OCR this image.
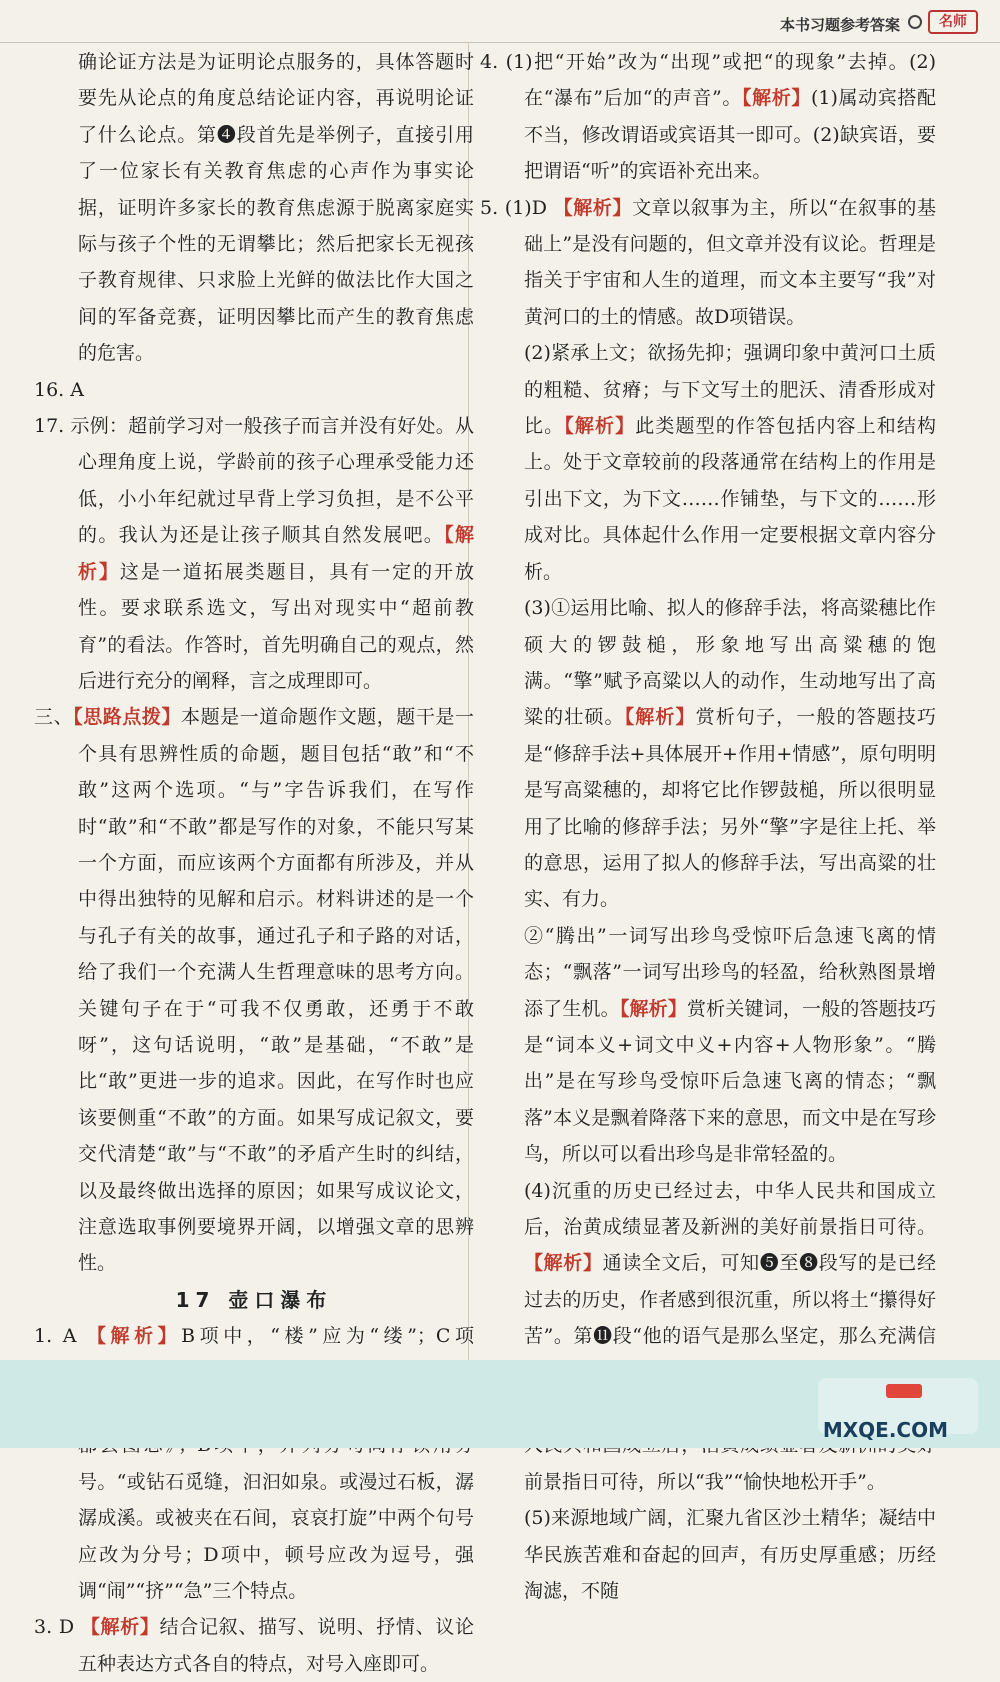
本书习题参考答案	名师
确论证方法是为证明论点服务的，具体答题时要先从论点的角度总结论证内容，再说明论证了什么论点。第❹段首先是举例子，直接引用了一位家长有关教育焦虑的心声作为事实论据，证明许多家长的教育焦虑源于脱离家庭实际与孩子个性的无谓攀比；然后把家长无视孩子教育规律、只求脸上光鲜的做法比作大国之间的军备竞赛，证明因攀比而产生的教育焦虑的危害。
16. A
17. 示例：超前学习对一般孩子而言并没有好处。从心理角度上说，学龄前的孩子心理承受能力还低，小小年纪就过早背上学习负担，是不公平的。我认为还是让孩子顺其自然发展吧。【解析】这是一道拓展类题目，具有一定的开放性。要求联系选文，写出对现实中“超前教育”的看法。作答时，首先明确自己的观点，然后进行充分的阐释，言之成理即可。
三、【思路点拨】本题是一道命题作文题，题干是一个具有思辨性质的命题，题目包括“敢”和“不敢”这两个选项。“与”字告诉我们，在写作时“敢”和“不敢”都是写作的对象，不能只写某一个方面，而应该两个方面都有所涉及，并从中得出独特的见解和启示。材料讲述的是一个与孔子有关的故事，通过孔子和子路的对话，给了我们一个充满人生哲理意味的思考方向。关键句子在于“可我不仅勇敢，还勇于不敢呀”，这句话说明，“敢”是基础，“不敢”是比“敢”更进一步的追求。因此，在写作时也应该要侧重“不敢”的方面。如果写成记叙文，要交代清楚“敢”与“不敢”的矛盾产生时的纠结，以及最终做出选择的原因；如果写成议论文，注意选取事例要境界开阔，以增强文章的思辨性。
17 壶口瀑布
1. A 【解析】B项中，“楼”应为“缕”；C项
号。“或钻石觅缝，汩汩如泉。或漫过石板，潺潺成溪。或被夹在石间，哀哀打旋”中两个句号应改为分号；D项中，顿号应改为逗号，强调“闹”“挤”“急”三个特点。
3. D 【解析】结合记叙、描写、说明、抒情、议论五种表达方式各自的特点，对号入座即可。
4. (1)把“开始”改为“出现”或把“的现象”去掉。(2)在“瀑布”后加“的声音”。【解析】(1)属动宾搭配不当，修改谓语或宾语其一即可。(2)缺宾语，要把谓语“听”的宾语补充出来。
5. (1)D 【解析】文章以叙事为主，所以“在叙事的基础上”是没有问题的，但文章并没有议论。哲理是指关于宇宙和人生的道理，而文本主要写“我”对黄河口的土的情感。故D项错误。
(2)紧承上文；欲扬先抑；强调印象中黄河口土质的粗糙、贫瘠；与下文写土的肥沃、清香形成对比。【解析】此类题型的作答包括内容上和结构上。处于文章较前的段落通常在结构上的作用是引出下文，为下文……作铺垫，与下文的……形成对比。具体起什么作用一定要根据文章内容分析。
(3)①运用比喻、拟人的修辞手法，将高粱穗比作硕大的锣鼓槌，形象地写出高粱穗的饱满。“擎”赋予高粱以人的动作，生动地写出了高粱的壮硕。【解析】赏析句子，一般的答题技巧是“修辞手法+具体展开+作用+情感”，原句明明是写高粱穗的，却将它比作锣鼓槌，所以很明显用了比喻的修辞手法；另外“擎”字是往上托、举的意思，运用了拟人的修辞手法，写出高粱的壮实、有力。
②“腾出”一词写出珍鸟受惊吓后急速飞离的情态；“飘落”一词写出珍鸟的轻盈，给秋熟图景增添了生机。【解析】赏析关键词，一般的答题技巧是“词本义+词文中义+内容+人物形象”。“腾出”是在写珍鸟受惊吓后急速飞离的情态；“飘落”本义是飘着降落下来的意思，而文中是在写珍鸟，所以可以看出珍鸟是非常轻盈的。
(4)沉重的历史已经过去，中华人民共和国成立后，治黄成绩显著及新洲的美好前景指日可待。【解析】通读全文后，可知❺至❽段写的是已经过去的历史，作者感到很沉重，所以将土“攥得好苦”。第⓫段“他的语气是那么坚定，那么充满信 前景指日可待，所以“我”“愉快地松开手”。
(5)来源地域广阔，汇聚九省区沙土精华；凝结中华民族苦难和奋起的回声，有历史厚重感；历经淘滤，不随
MXQE.COM
